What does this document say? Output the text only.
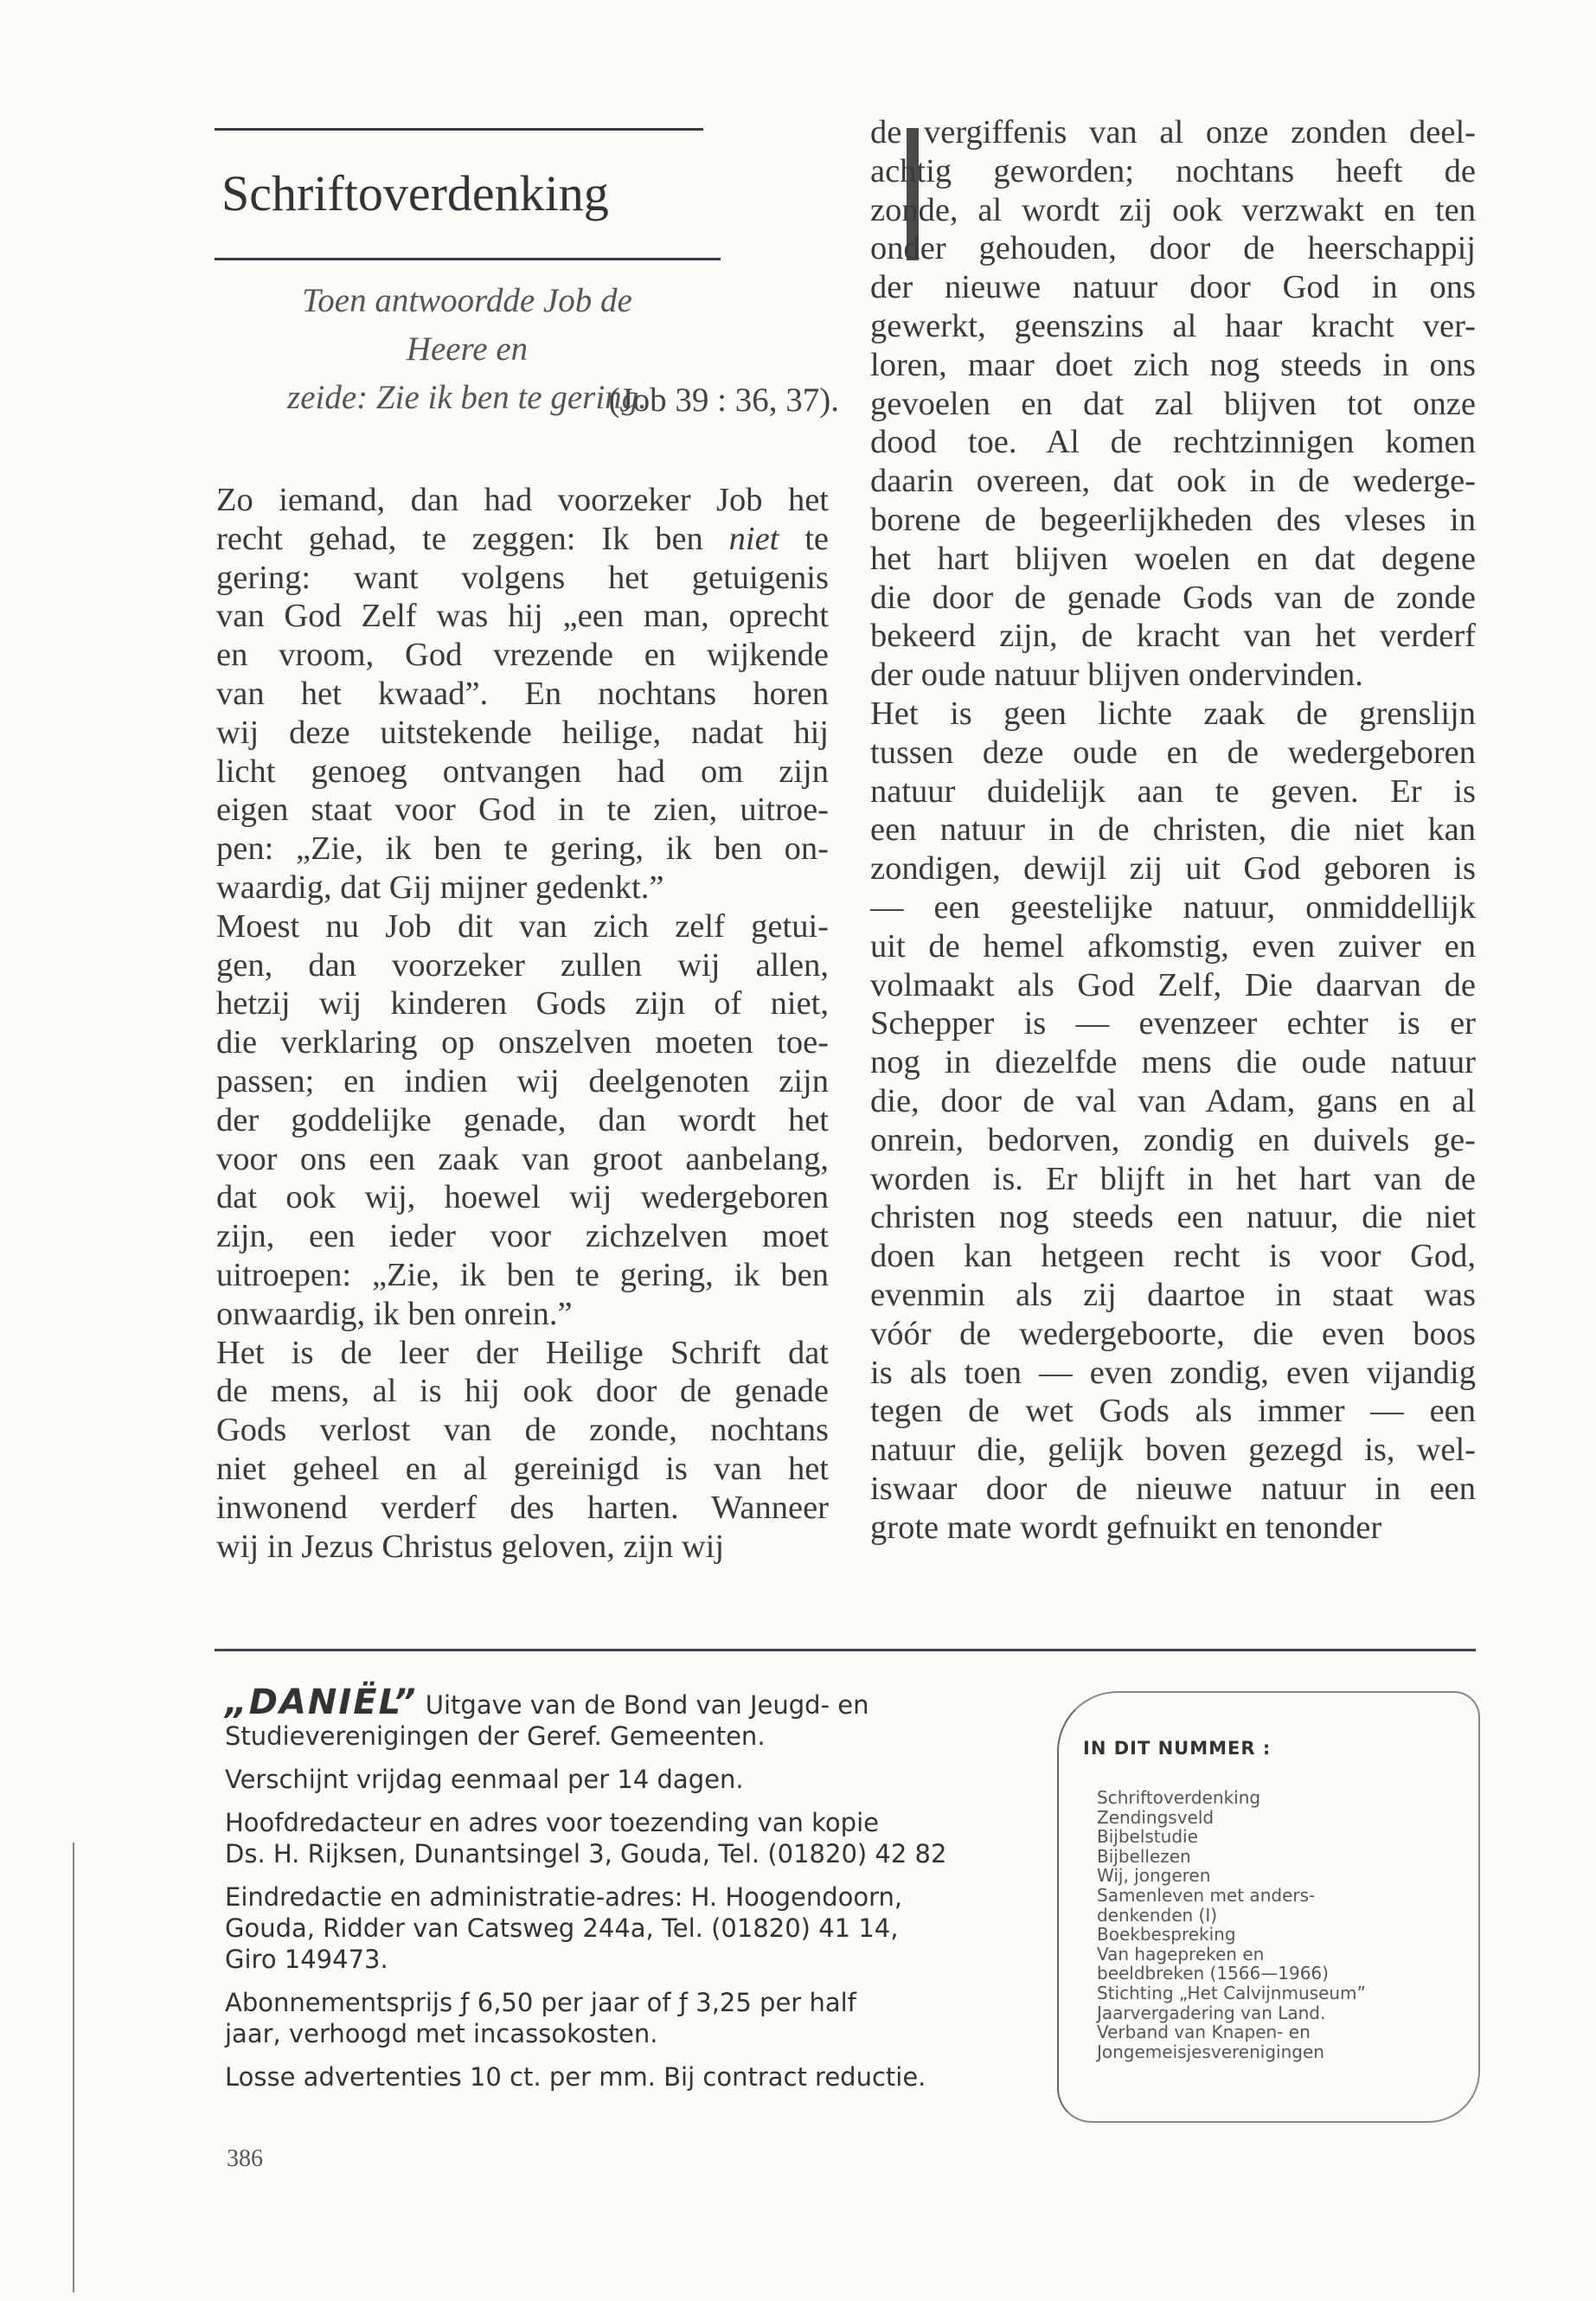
Schriftoverdenking
Toen antwoordde Job de Heere en
zeide: Zie ik ben te gering.
(Job 39 : 36, 37).

Zo iemand, dan had voorzeker Job het
recht gehad, te zeggen: Ik ben niet te
gering: want volgens het getuigenis
van God Zelf was hij „een man, oprecht
en vroom, God vrezende en wijkende
van het kwaad”. En nochtans horen
wij deze uitstekende heilige, nadat hij
licht genoeg ontvangen had om zijn
eigen staat voor God in te zien, uitroe-
pen: „Zie, ik ben te gering, ik ben on-
waardig, dat Gij mijner gedenkt.”

Moest nu Job dit van zich zelf getui-
gen, dan voorzeker zullen wij allen,
hetzij wij kinderen Gods zijn of niet,
die verklaring op onszelven moeten toe-
passen; en indien wij deelgenoten zijn
der goddelijke genade, dan wordt het
voor ons een zaak van groot aanbelang,
dat ook wij, hoewel wij wedergeboren
zijn, een ieder voor zichzelven moet
uitroepen: „Zie, ik ben te gering, ik ben
onwaardig, ik ben onrein.”

Het is de leer der Heilige Schrift dat
de mens, al is hij ook door de genade
Gods verlost van de zonde, nochtans
niet geheel en al gereinigd is van het
inwonend verderf des harten. Wanneer
wij in Jezus Christus geloven, zijn wij

de vergiffenis van al onze zonden deel-
achtig geworden; nochtans heeft de
zonde, al wordt zij ook verzwakt en ten
onder gehouden, door de heerschappij
der nieuwe natuur door God in ons
gewerkt, geenszins al haar kracht ver-
loren, maar doet zich nog steeds in ons
gevoelen en dat zal blijven tot onze
dood toe. Al de rechtzinnigen komen
daarin overeen, dat ook in de wederge-
borene de begeerlijkheden des vleses in
het hart blijven woelen en dat degene
die door de genade Gods van de zonde
bekeerd zijn, de kracht van het verderf
der oude natuur blijven ondervinden.

Het is geen lichte zaak de grenslijn
tussen deze oude en de wedergeboren
natuur duidelijk aan te geven. Er is
een natuur in de christen, die niet kan
zondigen, dewijl zij uit God geboren is
— een geestelijke natuur, onmiddellijk
uit de hemel afkomstig, even zuiver en
volmaakt als God Zelf, Die daarvan de
Schepper is — evenzeer echter is er
nog in diezelfde mens die oude natuur
die, door de val van Adam, gans en al
onrein, bedorven, zondig en duivels ge-
worden is. Er blijft in het hart van de
christen nog steeds een natuur, die niet
doen kan hetgeen recht is voor God,
evenmin als zij daartoe in staat was
vóór de wedergeboorte, die even boos
is als toen — even zondig, even vijandig
tegen de wet Gods als immer — een
natuur die, gelijk boven gezegd is, wel-
iswaar door de nieuwe natuur in een
grote mate wordt gefnuikt en tenonder

„DANIËL” Uitgave van de Bond van Jeugd- en
Studieverenigingen der Geref. Gemeenten.
Verschijnt vrijdag eenmaal per 14 dagen.
Hoofdredacteur en adres voor toezending van kopie
Ds. H. Rijksen, Dunantsingel 3, Gouda, Tel. (01820) 42 82
Eindredactie en administratie-adres: H. Hoogendoorn,
Gouda, Ridder van Catsweg 244a, Tel. (01820) 41 14,
Giro 149473.
Abonnementsprijs ƒ 6,50 per jaar of ƒ 3,25 per half
jaar, verhoogd met incassokosten.
Losse advertenties 10 ct. per mm. Bij contract reductie.
IN DIT NUMMER :
Schriftoverdenking
Zendingsveld
Bijbelstudie
Bijbellezen
Wij, jongeren
Samenleven met anders-
denkenden (I)
Boekbespreking
Van hagepreken en
beeldbreken (1566—1966)
Stichting „Het Calvijnmuseum”
Jaarvergadering van Land.
Verband van Knapen- en
Jongemeisjesverenigingen
386
